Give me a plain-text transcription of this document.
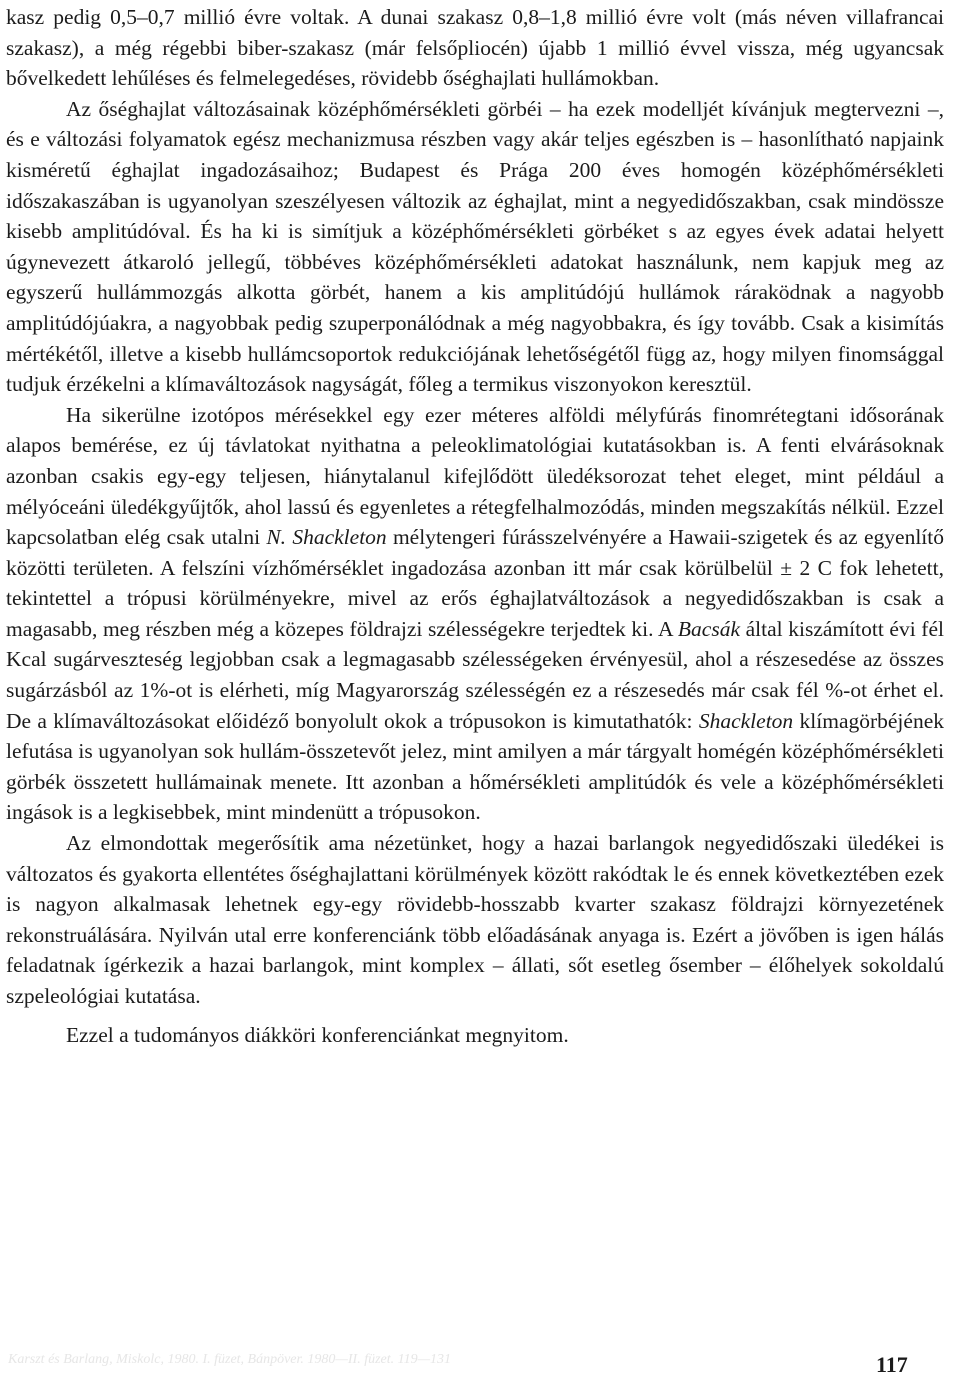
kasz pedig 0,5–0,7 millió évre voltak. A dunai szakasz 0,8–1,8 millió évre volt (más néven villafrancai szakasz), a még régebbi biber-szakasz (már felsőpliocén) újabb 1 millió évvel vissza, még ugyancsak bővelkedett lehűléses és felmelegedéses, rövidebb őséghajlati hullámokban.

Az őséghajlat változásainak középhőmérsékleti görbéi – ha ezek modelljét kívánjuk megtervezni –, és e változási folyamatok egész mechanizmusa részben vagy akár teljes egészben is – hasonlítható napjaink kisméretű éghajlat ingadozásaihoz; Budapest és Prága 200 éves homogén középhőmérsékleti időszakaszában is ugyanolyan szeszélyesen változik az éghajlat, mint a negyedidőszakban, csak mindössze kisebb amplitúdóval. És ha ki is simítjuk a középhőmérsékleti görbéket s az egyes évek adatai helyett úgynevezett átkaroló jellegű, többéves középhőmérsékleti adatokat használunk, nem kapjuk meg az egyszerű hullámmozgás alkotta görbét, hanem a kis amplitúdójú hullámok ráraködnak a nagyobb amplitúdójúakra, a nagyobbak pedig szuperponálódnak a még nagyobbakra, és így tovább. Csak a kisimítás mértékétől, illetve a kisebb hullámcsoportok redukciójának lehetőségétől függ az, hogy milyen finomsággal tudjuk érzékelni a klímaváltozások nagyságát, főleg a termikus viszonyokon keresztül.

Ha sikerülne izotópos mérésekkel egy ezer méteres alföldi mélyfúrás finomrétegtani idősorának alapos bemérése, ez új távlatokat nyithatna a peleoklimatológiai kutatásokban is. A fenti elvárásoknak azonban csakis egy-egy teljesen, hiánytalanul kifejlődött üledéksorozat tehet eleget, mint például a mélyóceáni üledékgyűjtők, ahol lassú és egyenletes a rétegfelhalmozódás, minden megszakítás nélkül. Ezzel kapcsolatban elég csak utalni N. Shackleton mélytengeri fúrásszelvényére a Hawaii-szigetek és az egyenlítő közötti területen. A felszíni vízhőmérséklet ingadozása azonban itt már csak körülbelül ± 2 C fok lehetett, tekintettel a trópusi körülményekre, mivel az erős éghajlatváltozások a negyedidőszakban is csak a magasabb, meg részben még a közepes földrajzi szélességekre terjedtek ki. A Bacsák által kiszámított évi fél Kcal sugárveszteség legjobban csak a legmagasabb szélességeken érvényesül, ahol a részesedése az összes sugárzásból az 1%-ot is elérheti, míg Magyarország szélességén ez a részesedés már csak fél %-ot érhet el. De a klímaváltozásokat előidéző bonyolult okok a trópusokon is kimutathatók: Shackleton klímagörbéjének lefutása is ugyanolyan sok hullám-összetevőt jelez, mint amilyen a már tárgyalt homégén középhőmérsékleti görbék összetett hullámainak menete. Itt azonban a hőmérsékleti amplitúdók és vele a középhőmérsékleti ingások is a legkisebbek, mint mindenütt a trópusokon.

Az elmondottak megerősítik ama nézetünket, hogy a hazai barlangok negyedidőszaki üledékei is változatos és gyakorta ellentétes őséghajlattani körülmények között rakódtak le és ennek következtében ezek is nagyon alkalmasak lehetnek egy-egy rövidebb-hosszabb kvarter szakasz földrajzi környezetének rekonstruálására. Nyilván utal erre konferenciánk több előadásának anyaga is. Ezért a jövőben is igen hálás feladatnak ígérkezik a hazai barlangok, mint komplex – állati, sőt esetleg ősember – élőhelyek sokoldalú szpeleológiai kutatása.

Ezzel a tudományos diákköri konferenciánkat megnyitom.

Karszt és Barlang, Miskolc, 1980. I. füzet, Bánpöver. 1980—II. füzet. 119—131	117
